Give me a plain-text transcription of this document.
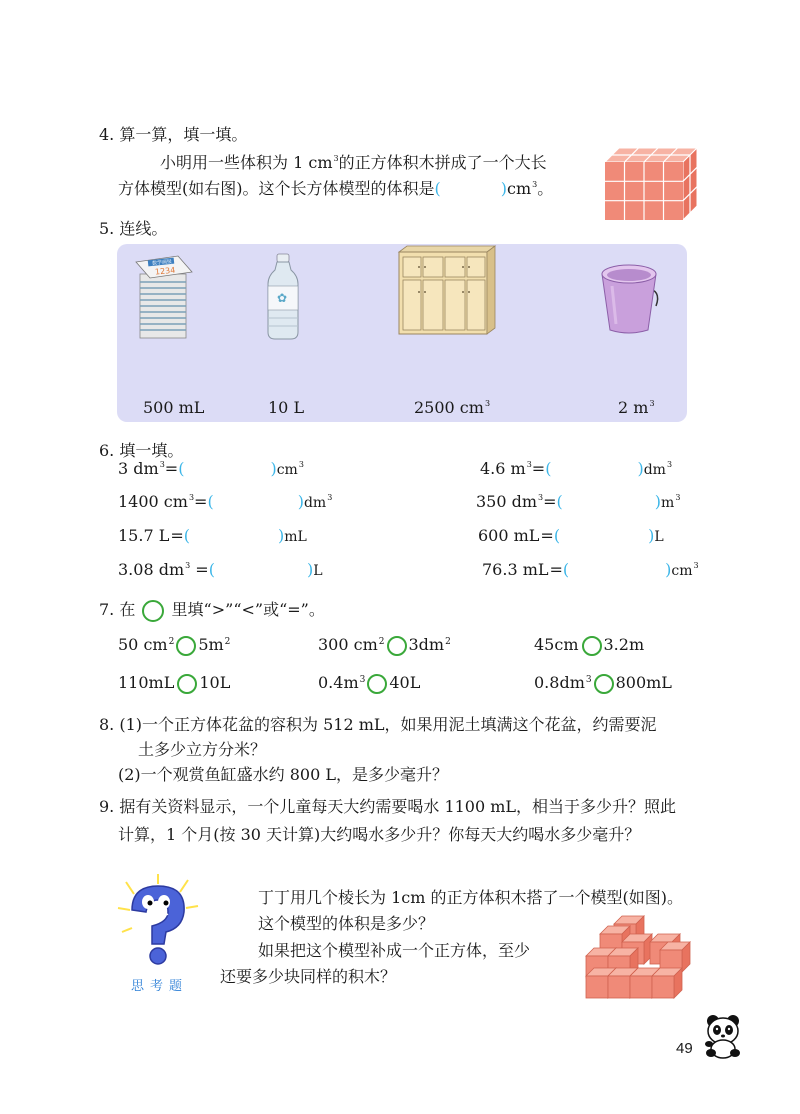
4. 算一算，填一填。
小明用一些体积为 1 $cm^3$的正方体积木拼成了一个大长
方体模型(如右图)。这个长方体模型的体积是(	)$cm^3$。
5. 连线。
数学画报
1234
✿
500 mL	10 L	2500 $cm^3$	2 $m^3$
6. 填一填。
3 $dm^3=$(	)$cm^3$	4.6 $m^3=$(	)$dm^3$
1400 $cm^3=$(	)$dm^3$	350 $dm^3=$(	)$m^3$
15.7 L=(	)mL	600 mL=(	)L
3.08 $dm^3$ =(	)L	76.3 mL=(	)$cm^3$
7. 在 里填“>”“<”或“=”。
50 $cm^2$ $5m^2$	300 $cm^2$ $3dm^2$	45cm 3.2m
110mL 10L	$0.4m^3$ 40L	$0.8dm^3$ 800mL
8. (1)一个正方体花盆的容积为 512 mL，如果用泥土填满这个花盆，约需要泥
土多少立方分米？
(2)一个观赏鱼缸盛水约 800 L，是多少毫升？
9. 据有关资料显示，一个儿童每天大约需要喝水 1100 mL，相当于多少升？照此
计算，1 个月(按 30 天计算)大约喝水多少升？你每天大约喝水多少毫升？
思考题
丁丁用几个棱长为 1cm 的正方体积木搭了一个模型(如图)。
这个模型的体积是多少？
如果把这个模型补成一个正方体，至少
还要多少块同样的积木？
49
